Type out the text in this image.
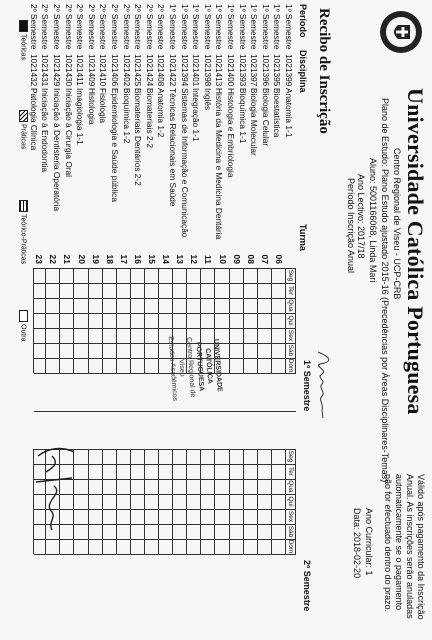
Universidade Católica Portuguesa
Centro Regional de Viseu - UCP-CRB
Plano de Estudo: Plano Estudo ajustado 2015-16 (Precedências por Áreas Disciplinares-Temas)
Aluno: 5001166068, Linda Mari
Ano Lectivo: 2017/18
Período Inscrição Anual
Válido após pagamento da Inscrição Anual. As inscrições serão anuladas automaticamente se o pagamento não for efectuado dentro do prazo.
Ano Curricular: 1
Data: 2018-02-20
Recibo de Inscrição
Período
Disciplina
Turma
1º Semestre
2º Semestre
1º Semestre
1021399
Anatomia 1-1
1º Semestre
1021395
Bioestatística
1º Semestre
1021396
Biologia Celular
1º Semestre
1021397
Biologia Molecular
1º Semestre
1021393
Bioquímica 1-1
1º Semestre
1021400
Histologia e Embriologia
1º Semestre
1021413
História da Medicina e Medicina Dentária
1º Semestre
1021398
Inglês
1º Semestre
1021401
Integração 1-1
1º Semestre
1021394
Sistemas de Informação e Comunicação
1º Semestre
1021422
Técnicas Relacionais em Saúde
2º Semestre
1021408
Anatomia 1-2
2º Semestre
1021424
Biomateriais 2-2
2º Semestre
1021425
Biomateriais Dentários 2-2
2º Semestre
1021402
Bioquímica 1-2
2º Semestre
1021406
Epidemiologia e Saúde pública
2º Semestre
1021410
Fisiologia
2º Semestre
1021409
Histologia
2º Semestre
1021411
Imagiologia 1-1
2º Semestre
1021430
Iniciação à Cirurgia Oral
2º Semestre
1021429
Iniciação à Dentisteria Operatória
2º Semestre
1021431
Iniciação à Endodontia
2º Semestre
1021432
Patologia Clínica
Seg
Ter
Qua
Qui
Sex
Sáb
Dom
Seg
Ter
Qua
Qui
Sex
Sáb
Dom
06
07
08
09
10
11
12
13
14
15
16
17
18
19
20
21
22
23
UNIVERSIDADE CATÓLICA PORTUGUESA
Centro Regional de Viseu
Estudos Académicos
Teóricas
Práticas
Teórico-Práticas
Outra
